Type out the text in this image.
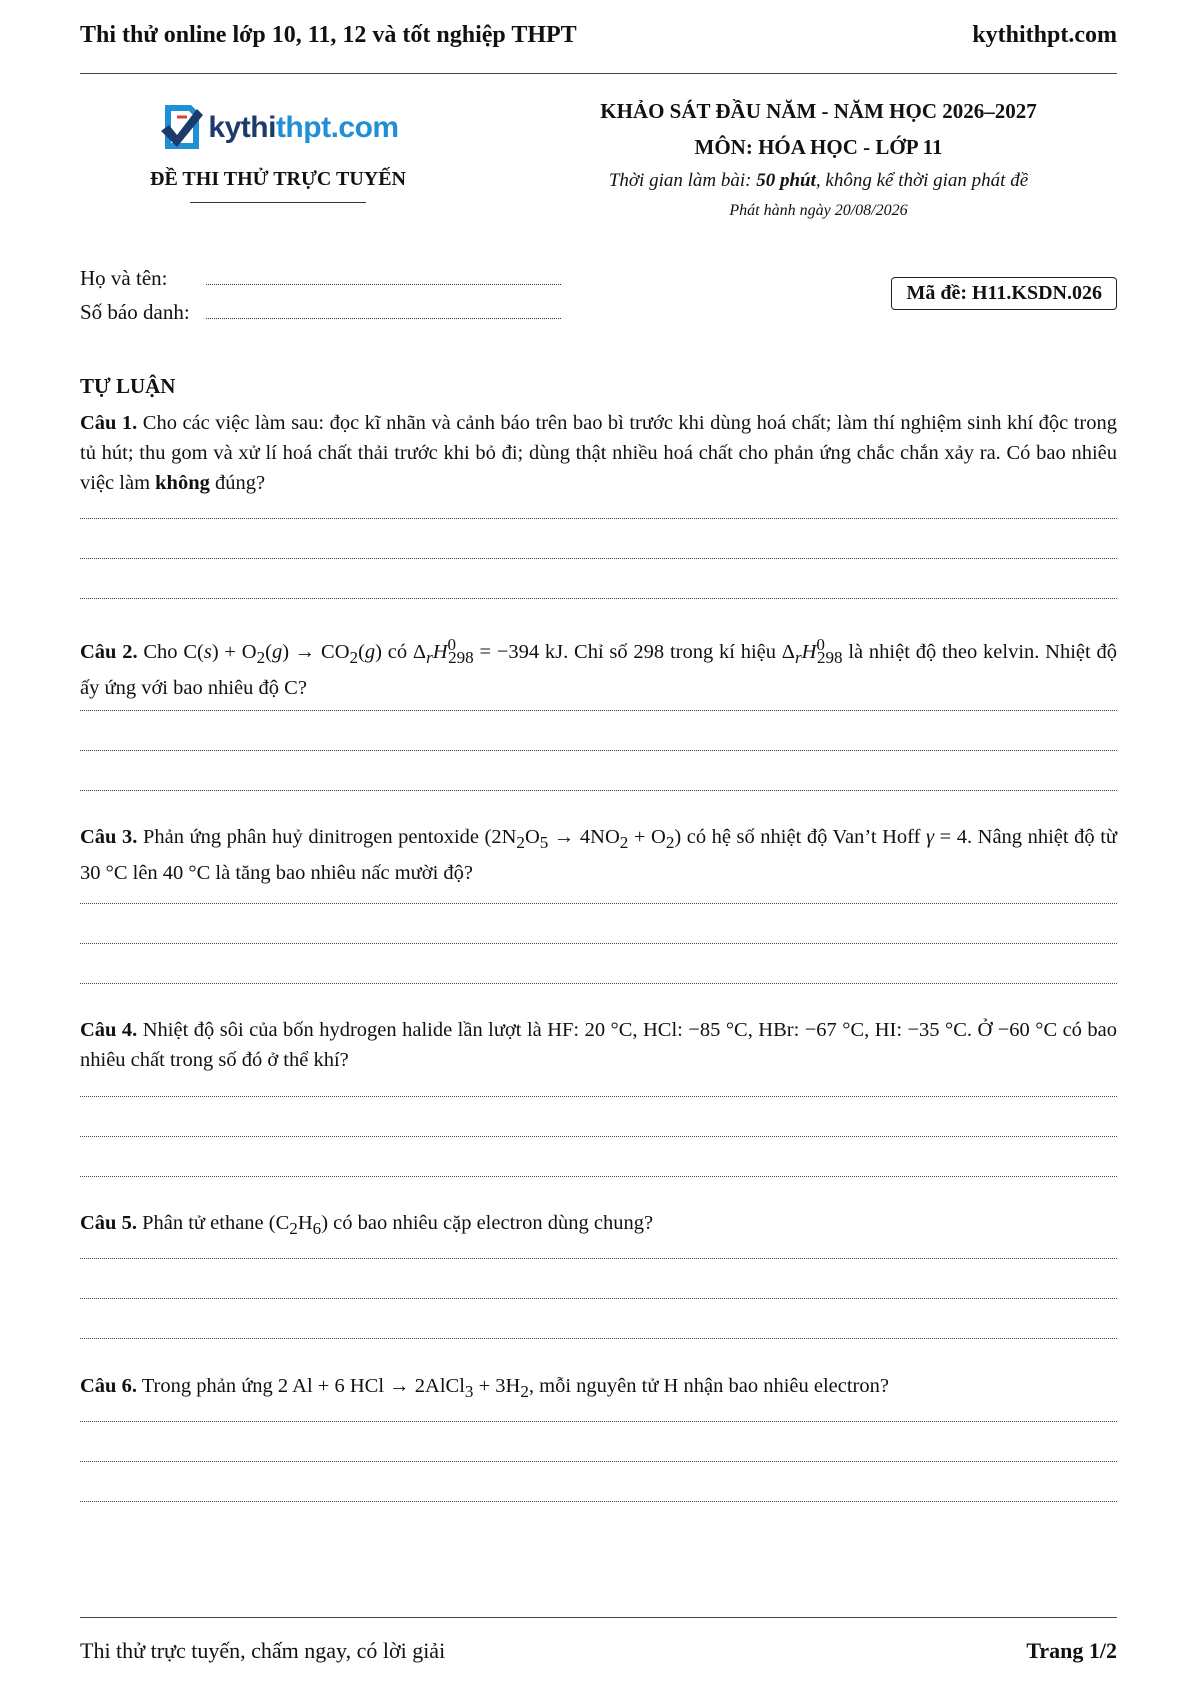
Thi thử online lớp 10, 11, 12 và tốt nghiệp THPT	kythithpt.com
kythithpt.com
ĐỀ THI THỬ TRỰC TUYẾN
KHẢO SÁT ĐẦU NĂM - NĂM HỌC 2026–2027
MÔN: HÓA HỌC - LỚP 11
Thời gian làm bài: 50 phút, không kể thời gian phát đề
Phát hành ngày 20/08/2026
Họ và tên:
Số báo danh:
Mã đề: H11.KSDN.026
TỰ LUẬN
Câu 1. Cho các việc làm sau: đọc kĩ nhãn và cảnh báo trên bao bì trước khi dùng hoá chất; làm thí nghiệm sinh khí độc trong tủ hút; thu gom và xử lí hoá chất thải trước khi bỏ đi; dùng thật nhiều hoá chất cho phản ứng chắc chắn xảy ra. Có bao nhiêu việc làm không đúng?
Câu 2. Cho $C(s) + O_2(g) \to CO_2(g)$ có $\Delta_rH^0_{298} = -394$ kJ. Chỉ số 298 trong kí hiệu $\Delta_rH^0_{298}$ là nhiệt độ theo kelvin. Nhiệt độ ấy ứng với bao nhiêu độ C?
Câu 3. Phản ứng phân huỷ dinitrogen pentoxide $(2N_2O_5 \to 4NO_2 + O_2)$ có hệ số nhiệt độ Van’t Hoff γ = 4. Nâng nhiệt độ từ 30 °C lên 40 °C là tăng bao nhiêu nấc mười độ?
Câu 4. Nhiệt độ sôi của bốn hydrogen halide lần lượt là HF: 20 °C, HCl: −85 °C, HBr: −67 °C, HI: −35 °C. Ở −60 °C có bao nhiêu chất trong số đó ở thể khí?
Câu 5. Phân tử ethane $(C_2H_6)$ có bao nhiêu cặp electron dùng chung?
Câu 6. Trong phản ứng 2 Al + 6 HCl → 2AlCl$_3$ + $3H_2$, mỗi nguyên tử H nhận bao nhiêu electron?
Thi thử trực tuyến, chấm ngay, có lời giải	Trang 1/2
